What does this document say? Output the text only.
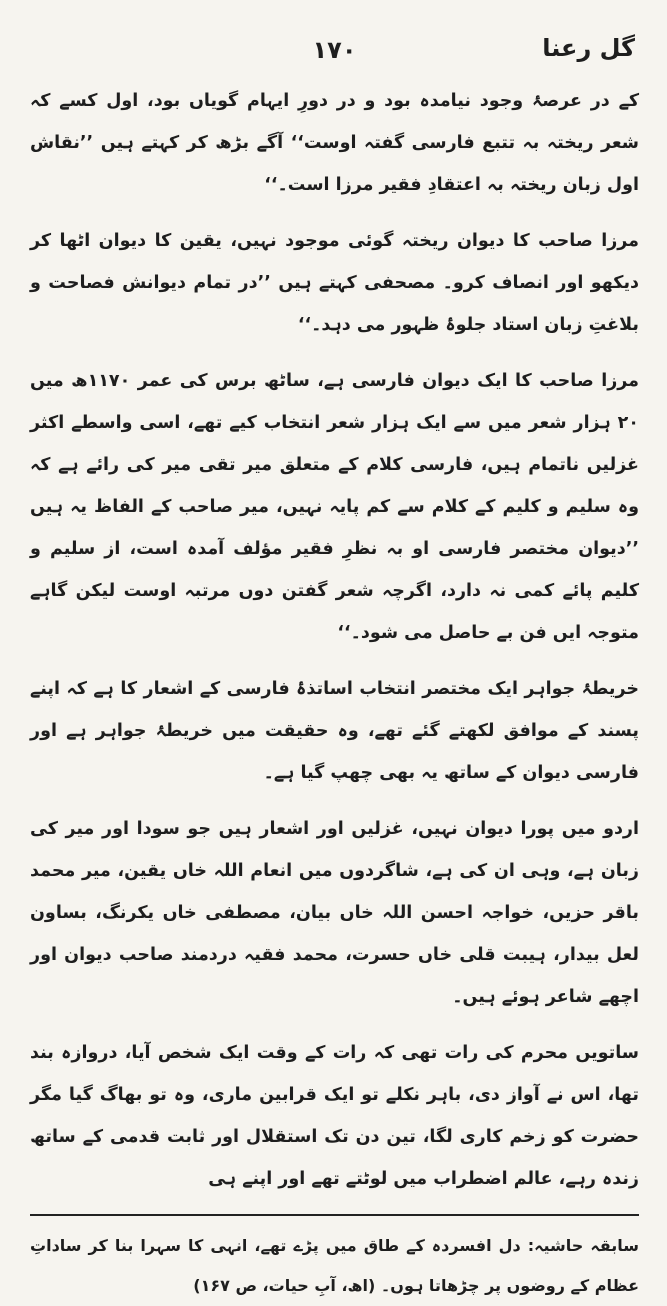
گل رعنا
۱۷۰

کے در عرصۂ وجود نیامدہ بود و در دورِ ایہام گویاں بود، اول کسے کہ شعر ریختہ بہ تتبع فارسی گفتہ اوست‘‘ آگے بڑھ کر کہتے ہیں ’’نقاش اول زبان ریختہ بہ اعتقادِ فقیر مرزا است۔‘‘

مرزا صاحب کا دیوان ریختہ گوئی موجود نہیں، یقین کا دیوان اٹھا کر دیکھو اور انصاف کرو۔ مصحفی کہتے ہیں ’’در تمام دیوانش فصاحت و بلاغتِ زبان استاد جلوۂ ظہور می دہد۔‘‘

مرزا صاحب کا ایک دیوان فارسی ہے، ساٹھ برس کی عمر ۱۱۷۰ھ میں ۲۰ ہزار شعر میں سے ایک ہزار شعر انتخاب کیے تھے، اسی واسطے اکثر غزلیں ناتمام ہیں، فارسی کلام کے متعلق میر تقی میر کی رائے ہے کہ وہ سلیم و کلیم کے کلام سے کم پایہ نہیں، میر صاحب کے الفاظ یہ ہیں ’’دیوان مختصر فارسی او بہ نظرِ فقیر مؤلف آمدہ است، از سلیم و کلیم پائے کمی نہ دارد، اگرچہ شعر گفتن دوں مرتبہ اوست لیکن گاہے متوجہ ایں فن بے حاصل می شود۔‘‘

خریطۂ جواہر ایک مختصر انتخاب اساتذۂ فارسی کے اشعار کا ہے کہ اپنے پسند کے موافق لکھتے گئے تھے، وہ حقیقت میں خریطۂ جواہر ہے اور فارسی دیوان کے ساتھ یہ بھی چھپ گیا ہے۔

اردو میں پورا دیوان نہیں، غزلیں اور اشعار ہیں جو سودا اور میر کی زبان ہے، وہی ان کی ہے، شاگردوں میں انعام اللہ خاں یقین، میر محمد باقر حزیں، خواجہ احسن اللہ خاں بیان، مصطفی خاں یکرنگ، بساون لعل بیدار، ہیبت قلی خاں حسرت، محمد فقیہ دردمند صاحب دیوان اور اچھے شاعر ہوئے ہیں۔

ساتویں محرم کی رات تھی کہ رات کے وقت ایک شخص آیا، دروازہ بند تھا، اس نے آواز دی، باہر نکلے تو ایک قرابین ماری، وہ تو بھاگ گیا مگر حضرت کو زخم کاری لگا، تین دن تک استقلال اور ثابت قدمی کے ساتھ زندہ رہے، عالم اضطراب میں لوٹتے تھے اور اپنے ہی

سابقہ حاشیہ: دل افسردہ کے طاق میں پڑے تھے، انہی کا سہرا بنا کر ساداتِ عظام کے روضوں پر چڑھاتا ہوں۔ (اھ، آبِ حیات، ص ۱۶۷)
